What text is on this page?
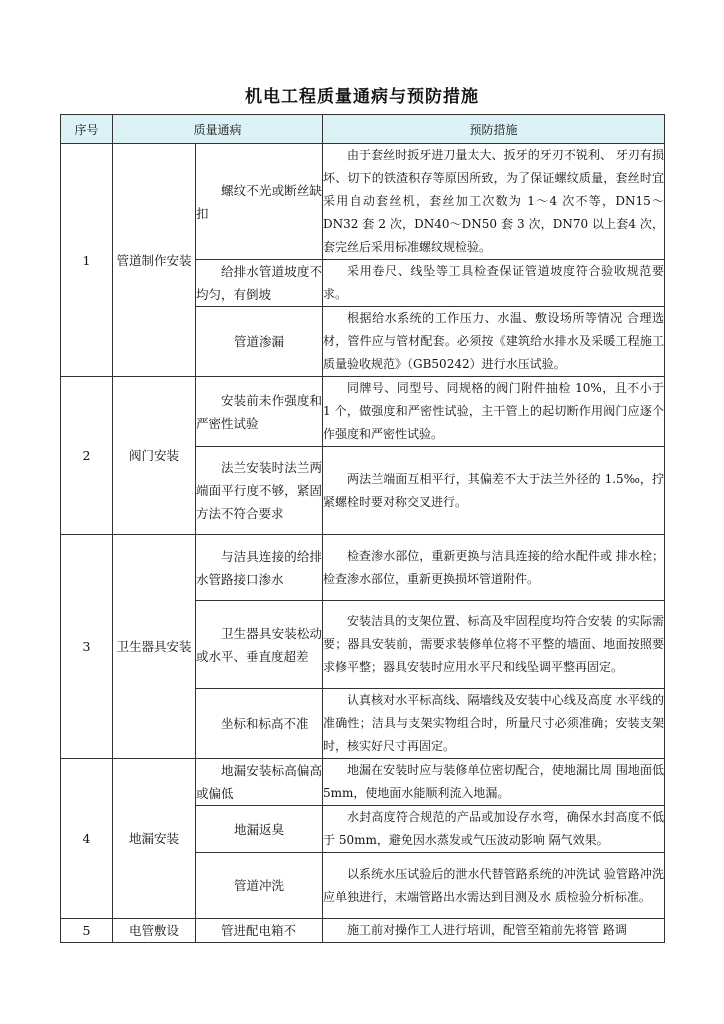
机电工程质量通病与预防措施
序号	质量通病		预防措施
1	管道制作安装	螺纹不光或断丝缺扣	由于套丝时扳牙进刀量太大、扳牙的牙刃不锐利、 牙刃有损坏、切下的铁渣积存等原因所致，为了保证螺纹质量，套丝时宜采用自动套丝机，套丝加工次数为 1～4 次不等，DN15～DN32 套 2 次，DN40～DN50 套 3 次，DN70 以上套4 次，套完丝后采用标准螺纹规检验。
		给排水管道坡度不均匀，有倒坡	采用卷尺、线坠等工具检查保证管道坡度符合验收规范要求。
		管道渗漏	根据给水系统的工作压力、水温、敷设场所等情况 合理选材，管件应与管材配套。必须按《建筑给水排水及采暖工程施工质量验收规范》（GB50242）进行水压试验。
2	阀门安装	安装前未作强度和严密性试验	同牌号、同型号、同规格的阀门附件抽检 10%，且不小于 1 个，做强度和严密性试验，主干管上的起切断作用阀门应逐个作强度和严密性试验。
		法兰安装时法兰两端面平行度不够，紧固方法不符合要求	两法兰端面互相平行，其偏差不大于法兰外径的 1.5‰，拧紧螺栓时要对称交叉进行。
3	卫生器具安装	与洁具连接的给排水管路接口渗水	检查渗水部位，重新更换与洁具连接的给水配件或 排水栓；检查渗水部位，重新更换损坏管道附件。
		卫生器具安装松动或水平、垂直度超差	安装洁具的支架位置、标高及牢固程度均符合安装 的实际需要；器具安装前，需要求装修单位将不平整的墙面、地面按照要求修平整；器具安装时应用水平尺和线坠调平整再固定。
		坐标和标高不准	认真核对水平标高线、隔墙线及安装中心线及高度 水平线的准确性；洁具与支架实物组合时，所量尺寸必须准确；安装支架时，核实好尺寸再固定。
4	地漏安装	地漏安装标高偏高或偏低	地漏在安装时应与装修单位密切配合，使地漏比周 围地面低 5mm，使地面水能顺利流入地漏。
		地漏返臭	水封高度符合规范的产品或加设存水弯，确保水封高度不低于 50mm，避免因水蒸发或气压波动影响 隔气效果。
		管道冲洗	以系统水压试验后的泄水代替管路系统的冲洗试 验管路冲洗应单独进行，末端管路出水需达到目测及水 质检验分析标准。
5	电管敷设	管进配电箱不	施工前对操作工人进行培训，配管至箱前先将管 路调
